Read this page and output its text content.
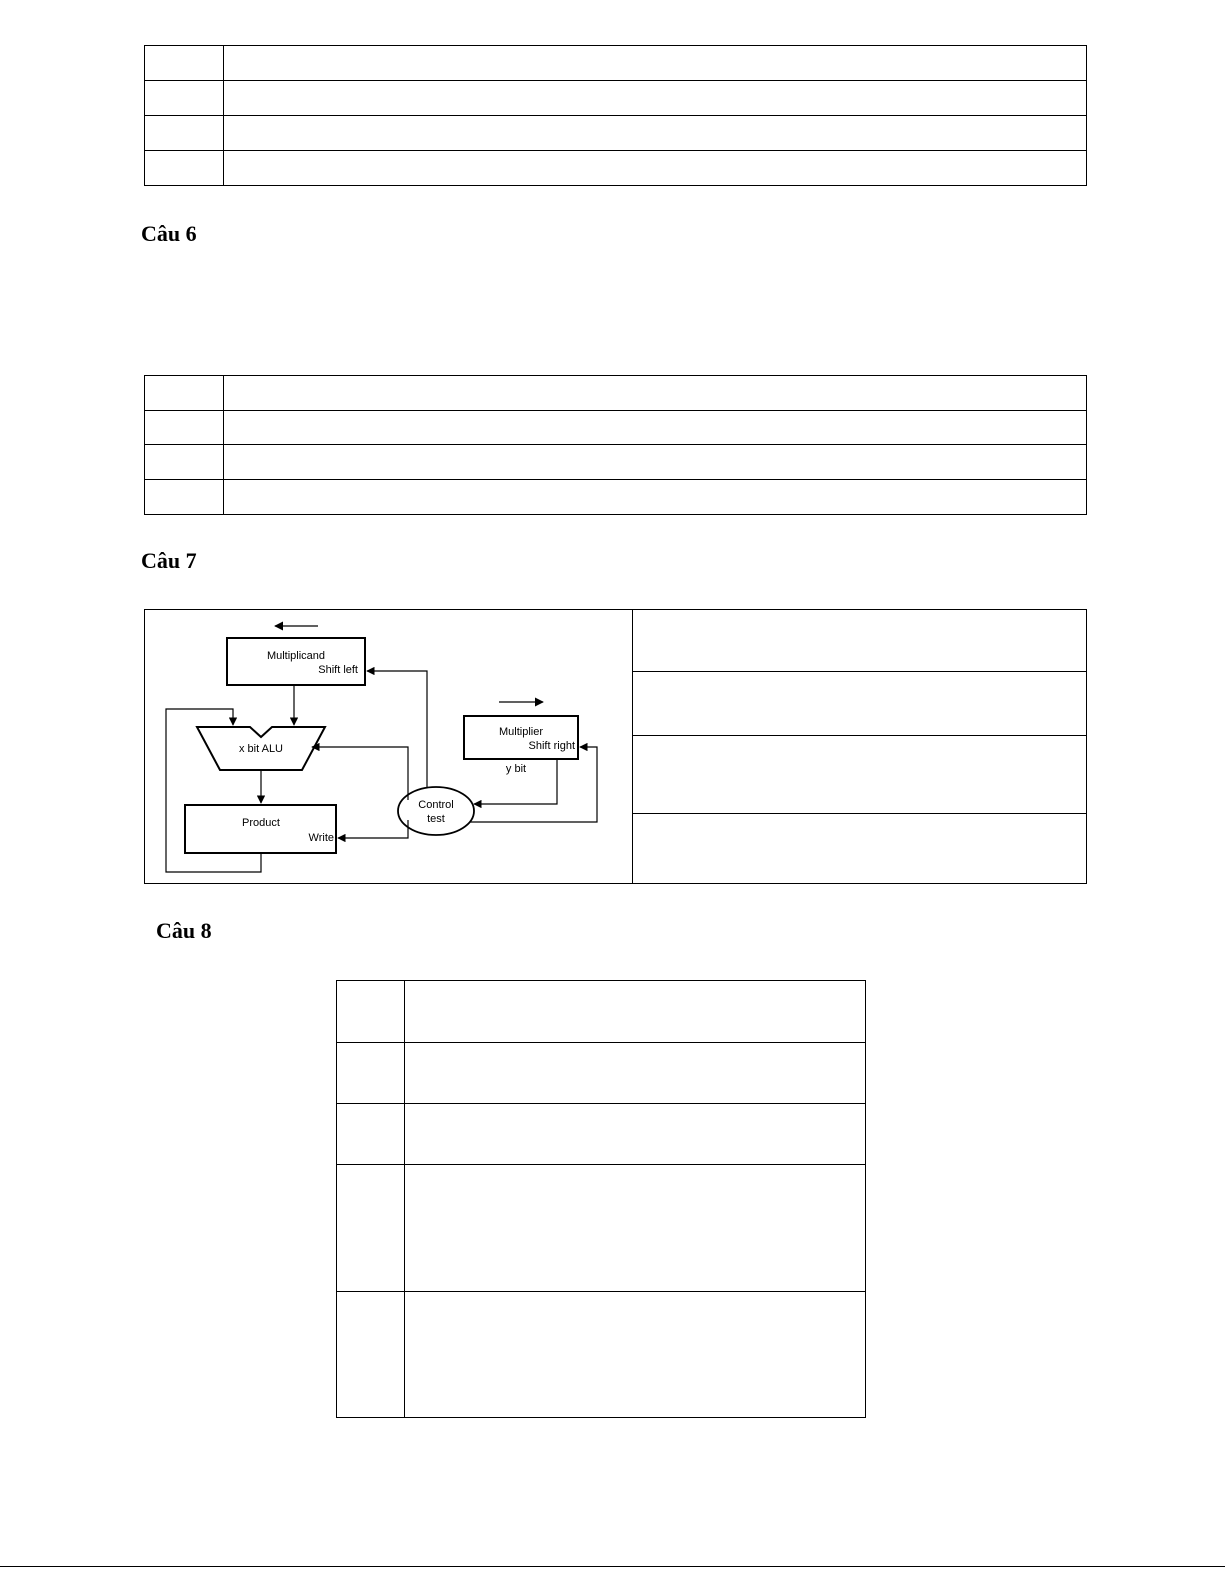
Câu 6

Câu 7
Multiplicand
Shift left
x bit ALU
Product
Write
Multiplier
Shift right
y bit
Control
test
Câu 8
